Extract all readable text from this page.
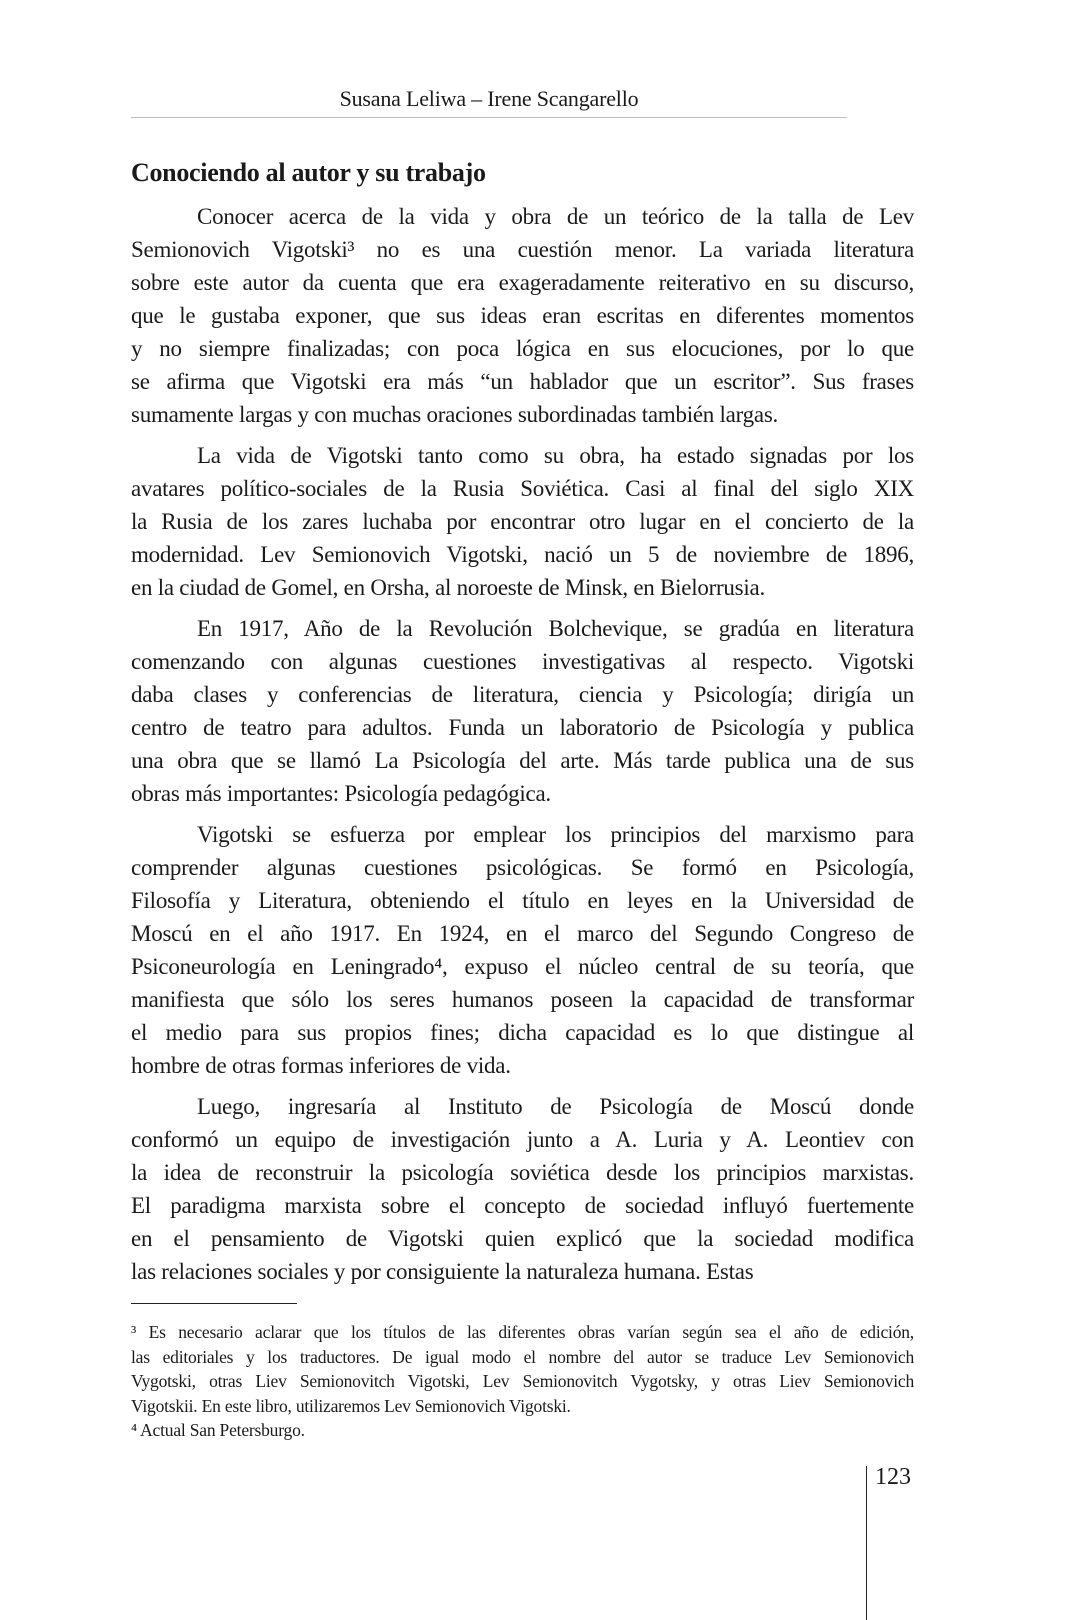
Susana Leliwa – Irene Scangarello
Conociendo al autor y su trabajo
Conocer acerca de la vida y obra de un teórico de la talla de Lev
Semionovich Vigotski³ no es una cuestión menor. La variada literatura
sobre este autor da cuenta que era exageradamente reiterativo en su discurso,
que le gustaba exponer, que sus ideas eran escritas en diferentes momentos
y no siempre finalizadas; con poca lógica en sus elocuciones, por lo que
se afirma que Vigotski era más “un hablador que un escritor”. Sus frases
sumamente largas y con muchas oraciones subordinadas también largas.
La vida de Vigotski tanto como su obra, ha estado signadas por los
avatares político-sociales de la Rusia Soviética. Casi al final del siglo XIX
la Rusia de los zares luchaba por encontrar otro lugar en el concierto de la
modernidad. Lev Semionovich Vigotski, nació un 5 de noviembre de 1896,
en la ciudad de Gomel, en Orsha, al noroeste de Minsk, en Bielorrusia.
En 1917, Año de la Revolución Bolchevique, se gradúa en literatura
comenzando con algunas cuestiones investigativas al respecto. Vigotski
daba clases y conferencias de literatura, ciencia y Psicología; dirigía un
centro de teatro para adultos. Funda un laboratorio de Psicología y publica
una obra que se llamó La Psicología del arte. Más tarde publica una de sus
obras más importantes: Psicología pedagógica.
Vigotski se esfuerza por emplear los principios del marxismo para
comprender algunas cuestiones psicológicas. Se formó en Psicología,
Filosofía y Literatura, obteniendo el título en leyes en la Universidad de
Moscú en el año 1917. En 1924, en el marco del Segundo Congreso de
Psiconeurología en Leningrado⁴, expuso el núcleo central de su teoría, que
manifiesta que sólo los seres humanos poseen la capacidad de transformar
el medio para sus propios fines; dicha capacidad es lo que distingue al
hombre de otras formas inferiores de vida.
Luego, ingresaría al Instituto de Psicología de Moscú donde
conformó un equipo de investigación junto a A. Luria y A. Leontiev con
la idea de reconstruir la psicología soviética desde los principios marxistas.
El paradigma marxista sobre el concepto de sociedad influyó fuertemente
en el pensamiento de Vigotski quien explicó que la sociedad modifica
las relaciones sociales y por consiguiente la naturaleza humana. Estas
³ Es necesario aclarar que los títulos de las diferentes obras varían según sea el año de edición,
las editoriales y los traductores. De igual modo el nombre del autor se traduce Lev Semionovich
Vygotski, otras Liev Semionovitch Vigotski, Lev Semionovitch Vygotsky, y otras Liev Semionovich
Vigotskii. En este libro, utilizaremos Lev Semionovich Vigotski.
⁴ Actual San Petersburgo.
123
